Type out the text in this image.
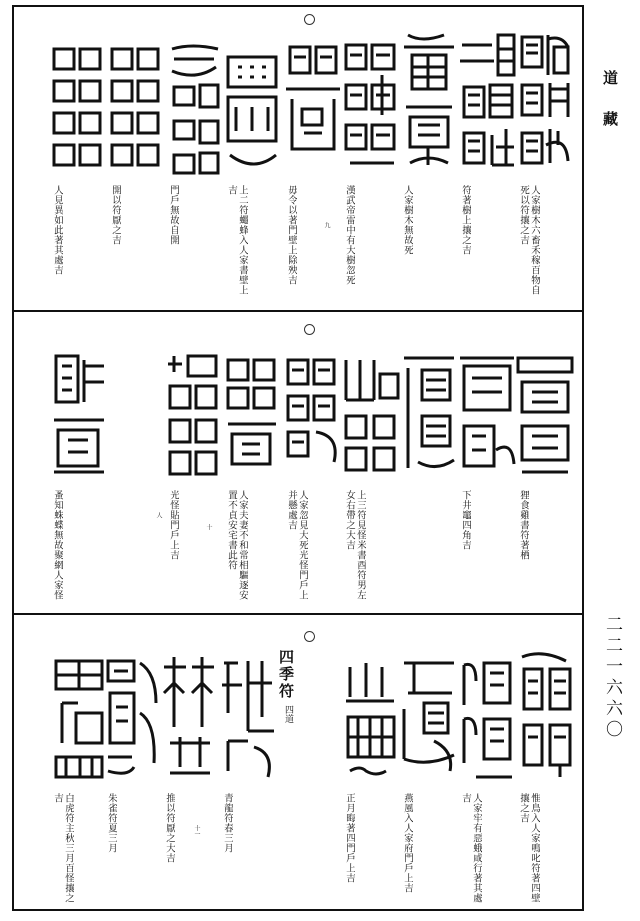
人家樹木六畜禾稼百物自死以符攘之吉
符著樹上攘之吉
人家樹木無故死
漢武帝雷中有大樹忽死
九
毋令以著門壁上除殃吉
上二符蠅蜂入人家書壁上吉
門戶無故自開
開以符厭之吉
人見異如此著其處吉
狸食雞書符著栖
下井竈四角吉
上三符見怪米書酉符男左女右帶之大吉
人家忽見大死光怪門戶上并懸處吉
人家夫妻不和常相驅逐安置不貞安宅書此符
十
光怪貼門戶上吉
人
蚤知蛛蝶無故聚網人家怪
惟鳥入人家鳴叱符著四壁攘之吉
人家牢有惡蛾咸行著其處吉
燕風入人家府門戶上吉
正月晦著四門戶上吉
四季符
四道
青龍符春三月
推以符厭之大吉	十一
朱雀符夏三月
白虎符主秋三月百怪攘之吉
道藏
二二一六六〇
